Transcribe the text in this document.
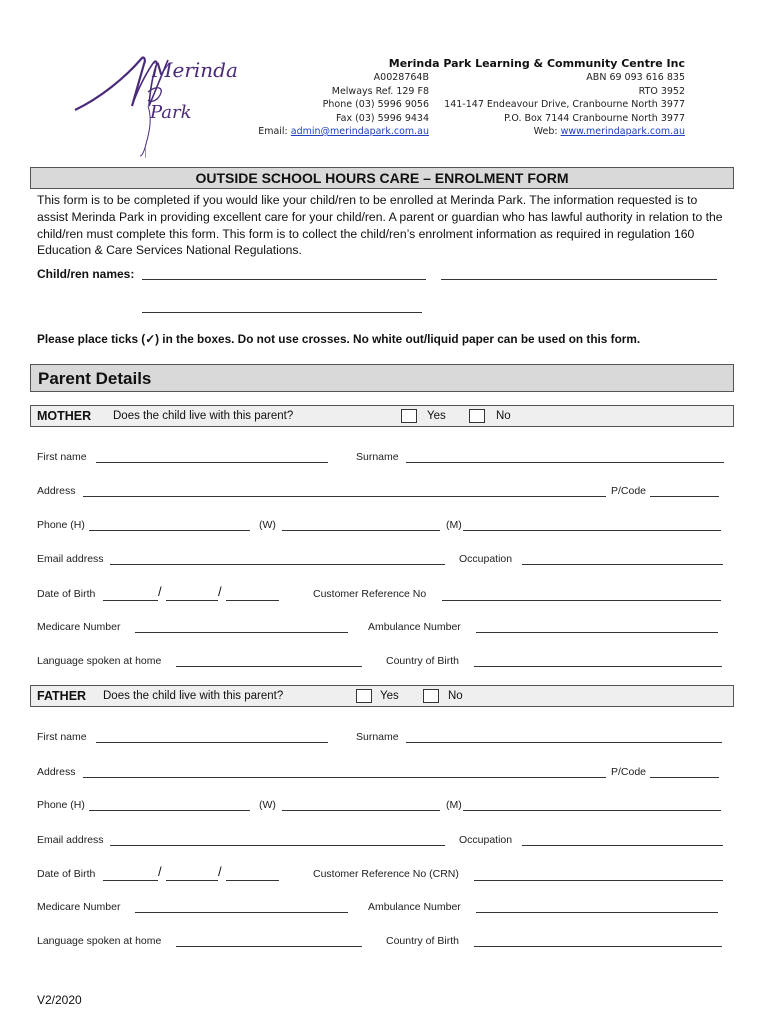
Merinda
Park
Merinda Park Learning & Community Centre Inc
A0028764B
Melways Ref. 129 F8
Phone (03) 5996 9056
Fax (03) 5996 9434
ABN 69 093 616 835
RTO 3952
141-147 Endeavour Drive, Cranbourne North 3977
P.O. Box 7144 Cranbourne North 3977
Email: admin@merindapark.com.au	Web: www.merindapark.com.au
OUTSIDE SCHOOL HOURS CARE – ENROLMENT FORM
This form is to be completed if you would like your child/ren to be enrolled at Merinda Park. The information requested is to assist Merinda Park in providing excellent care for your child/ren. A parent or guardian who has lawful authority in relation to the child/ren must complete this form. This form is to collect the child/ren’s enrolment information as required in regulation 160 Education & Care Services National Regulations.
Child/ren names:
Please place ticks (✓) in the boxes. Do not use crosses. No white out/liquid paper can be used on this form.
Parent Details
MOTHER Does the child live with this parent?	Yes	No
First name	Surname
Address	P/Code
Phone (H)	(W)	(M)
Email address	Occupation
Date of Birth	/	/	Customer Reference No
Medicare Number	Ambulance Number
Language spoken at home	Country of Birth
FATHER Does the child live with this parent?	Yes	No
First name	Surname
Address	P/Code
Phone (H)	(W)	(M)
Email address	Occupation
Date of Birth	/	/	Customer Reference No (CRN)
Medicare Number	Ambulance Number
Language spoken at home	Country of Birth
V2/2020
